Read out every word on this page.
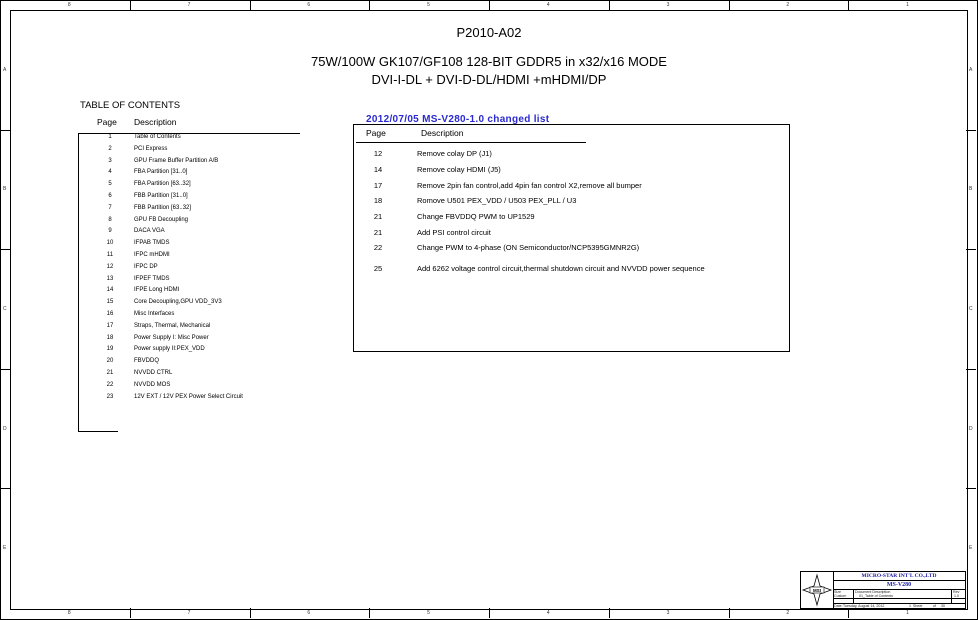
8	7	6	5	4	3	2	1
8	7	6	5	4	3	2	1
A
B
C
D
E
A
B
C
D
E
P2010-A02
75W/100W GK107/GF108 128-BIT GDDR5 in x32/x16 MODE
DVI-I-DL + DVI-D-DL/HDMI +mHDMI/DP
TABLE OF CONTENTS
Page Description
1	Table of Contents
2	PCI Express
3	GPU Frame Buffer Partition A/B
4	FBA Partition [31..0]
5	FBA Partition [63..32]
6	FBB Partition [31..0]
7	FBB Partition [63..32]
8	GPU FB Decoupling
9	DACA VGA
10	IFPAB TMDS
11	IFPC mHDMI
12	IFPC DP
13	IFPEF TMDS
14	IFPE Long HDMI
15	Core Decoupling,GPU VDD_3V3
16	Misc Interfaces
17	Straps, Thermal, Mechanical
18	Power Supply I: Misc Power
19	Power supply II:PEX_VDD
20	FBVDDQ
21	NVVDD CTRL
22	NVVDD MOS
23	12V EXT / 12V PEX Power Select Circuit
2012/07/05 MS-V280-1.0 changed list
Page	Description
12	Remove colay DP (J1)
14	Remove colay HDMI (J5)
17	Remove 2pin fan control,add 4pin fan control X2,remove all bumper
18	Romove U501 PEX_VDD / U503 PEX_PLL / U3
21	Change FBVDDQ PWM to UP1529
21	Add PSI control circuit
22	Change PWM to 4-phase (ON Semiconductor/NCP5395GMNR2G)
25	Add 6262 voltage control circuit,thermal shutdown circuit and NVVDD power sequence
MSI
MICRO-STAR INT'L CO.,LTD
MS-V280
Size
Custom
Document Description
01_Table of Contents
Rev
1.0
Date: Tuesday, August 14, 2012	Sheet
1	of 30
